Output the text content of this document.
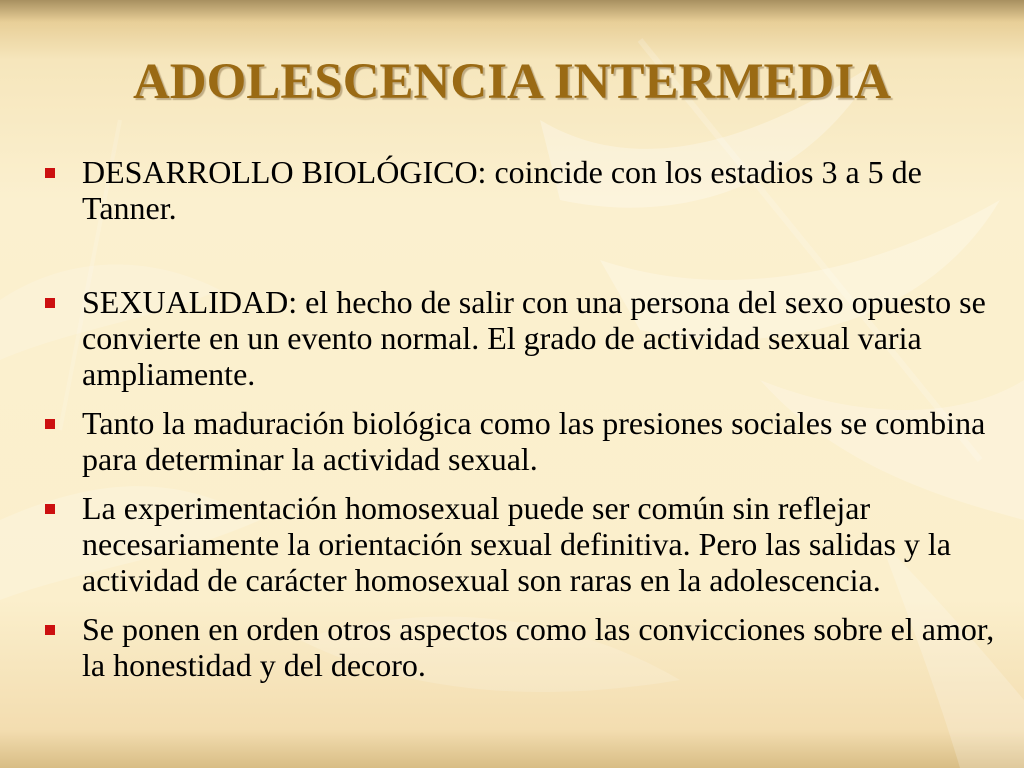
ADOLESCENCIA INTERMEDIA
DESARROLLO BIOLÓGICO: coincide con los estadios 3 a 5 de Tanner.
SEXUALIDAD: el hecho de salir con una persona del sexo opuesto se convierte en un evento normal. El grado de actividad sexual varia ampliamente.
Tanto la maduración biológica como las presiones sociales se combina para determinar la actividad sexual.
La experimentación homosexual puede ser común sin reflejar necesariamente la orientación sexual definitiva. Pero las salidas y la actividad de carácter homosexual son raras en la adolescencia.
Se ponen en orden otros aspectos como las convicciones sobre el amor, la honestidad y del decoro.
